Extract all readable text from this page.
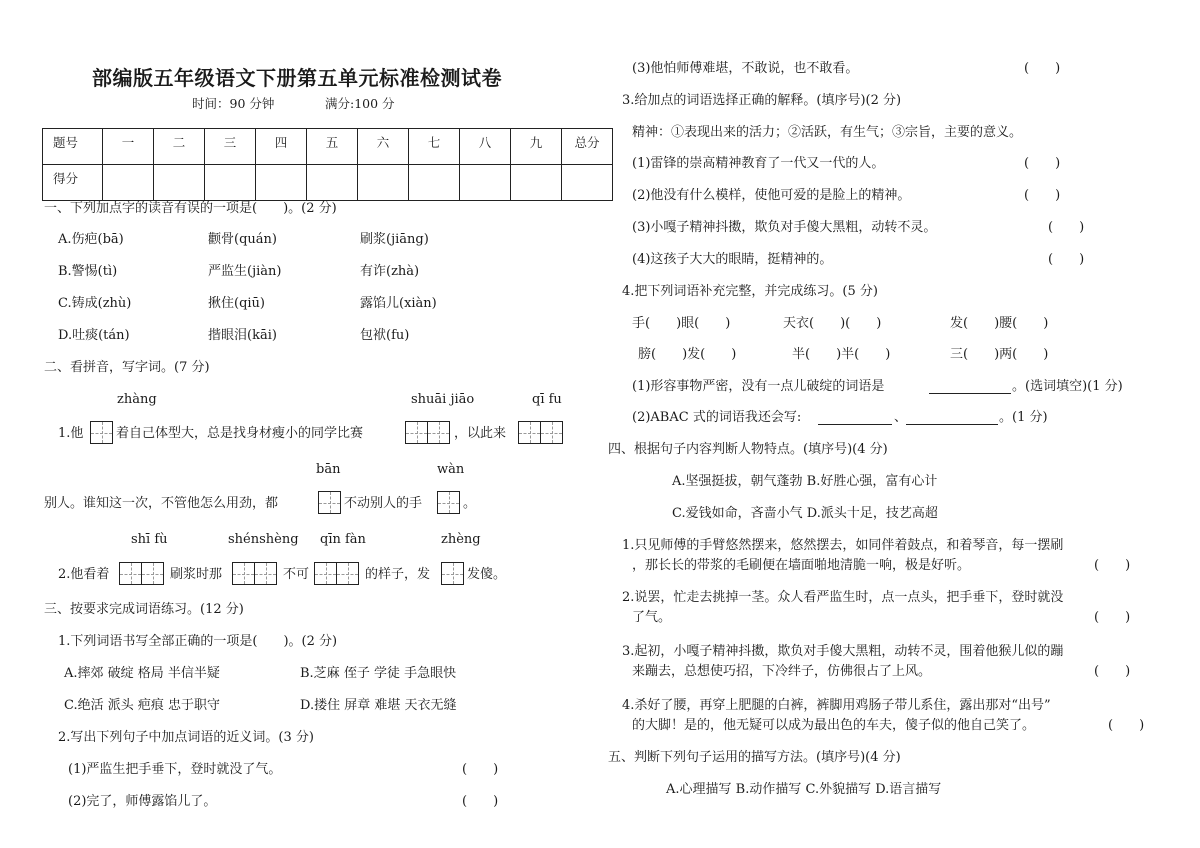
部编版五年级语文下册第五单元标准检测试卷
时间：90 分钟	满分:100 分
题号	一	二	三	四	五	六	七	八	九	总分
得分										
一、下列加点字的读音有误的一项是(　　)。(2 分)
A.伤疤(bā)	颧骨(quán)	刷浆(jiāng)
B.警惕(tì)	严监生(jiàn)	有诈(zhà)
C.铸成(zhù)	揪住(qiū)	露馅儿(xiàn)
D.吐痰(tán)	揩眼泪(kāi)	包袱(fu)
二、看拼音，写字词。(7 分)
zhàng	shuāi jiāo	qī fu
1.他	着自己体型大，总是找身材瘦小的同学比赛	，以此来
bān	wàn
别人。谁知这一次，不管他怎么用劲，都	不动别人的手	。
shī fù	shénshèng qīn fàn	zhèng
2.他看着	刷浆时那	不可	的样子，发	发傻。
三、按要求完成词语练习。(12 分)
1.下列词语书写全部正确的一项是(　　)。(2 分)
A.摔郊 破绽 格局 半信半疑	B.芝麻 侄子 学徒 手急眼快
C.绝活 派头 疤痕 忠于职守	D.搂住 屏章 难堪 天衣无缝
2.写出下列句子中加点词语的近义词。(3 分)
(1)严监生把手垂下，登时就没了气。	(　　)
(2)完了，师傅露馅儿了。	(　　)
(3)他怕师傅难堪，不敢说，也不敢看。	(　　)
3.给加点的词语选择正确的解释。(填序号)(2 分)
精神：①表现出来的活力；②活跃，有生气；③宗旨，主要的意义。
(1)雷锋的崇高精神教育了一代又一代的人。	(　　)
(2)他没有什么模样，使他可爱的是脸上的精神。	(　　)
(3)小嘎子精神抖擞，欺负对手傻大黑粗，动转不灵。	(　　)
(4)这孩子大大的眼睛，挺精神的。	(　　)
4.把下列词语补充完整，并完成练习。(5 分)
手(　　)眼(　　)	天衣(　　)(　　)	发(　　)腰(　　)
膀(　　)发(　　)	半(　　)半(　　)	三(　　)两(　　)
(1)形容事物严密，没有一点儿破绽的词语是	。(选词填空)(1 分)
(2)ABAC 式的词语我还会写:	、	。(1 分)
四、根据句子内容判断人物特点。(填序号)(4 分)
A.坚强挺拔，朝气蓬勃 B.好胜心强，富有心计
C.爱钱如命，吝啬小气 D.派头十足，技艺高超
1.只见师傅的手臂悠然摆来，悠然摆去，如同伴着鼓点，和着琴音，每一摆刷
，那长长的带浆的毛刷便在墙面啪地清脆一响，极是好听。	(　　)
2.说罢，忙走去挑掉一茎。众人看严监生时，点一点头，把手垂下，登时就没
了气。	(　　)
3.起初，小嘎子精神抖擞，欺负对手傻大黑粗，动转不灵，围着他猴儿似的蹦
来蹦去，总想使巧招，下冷绊子，仿佛很占了上风。	(　　)
4.杀好了腰，再穿上肥腿的白裤，裤脚用鸡肠子带儿系住，露出那对“出号”
的大脚！是的，他无疑可以成为最出色的车夫，傻子似的他自己笑了。	(　　)
五、判断下列句子运用的描写方法。(填序号)(4 分)
A.心理描写 B.动作描写 C.外貌描写 D.语言描写
